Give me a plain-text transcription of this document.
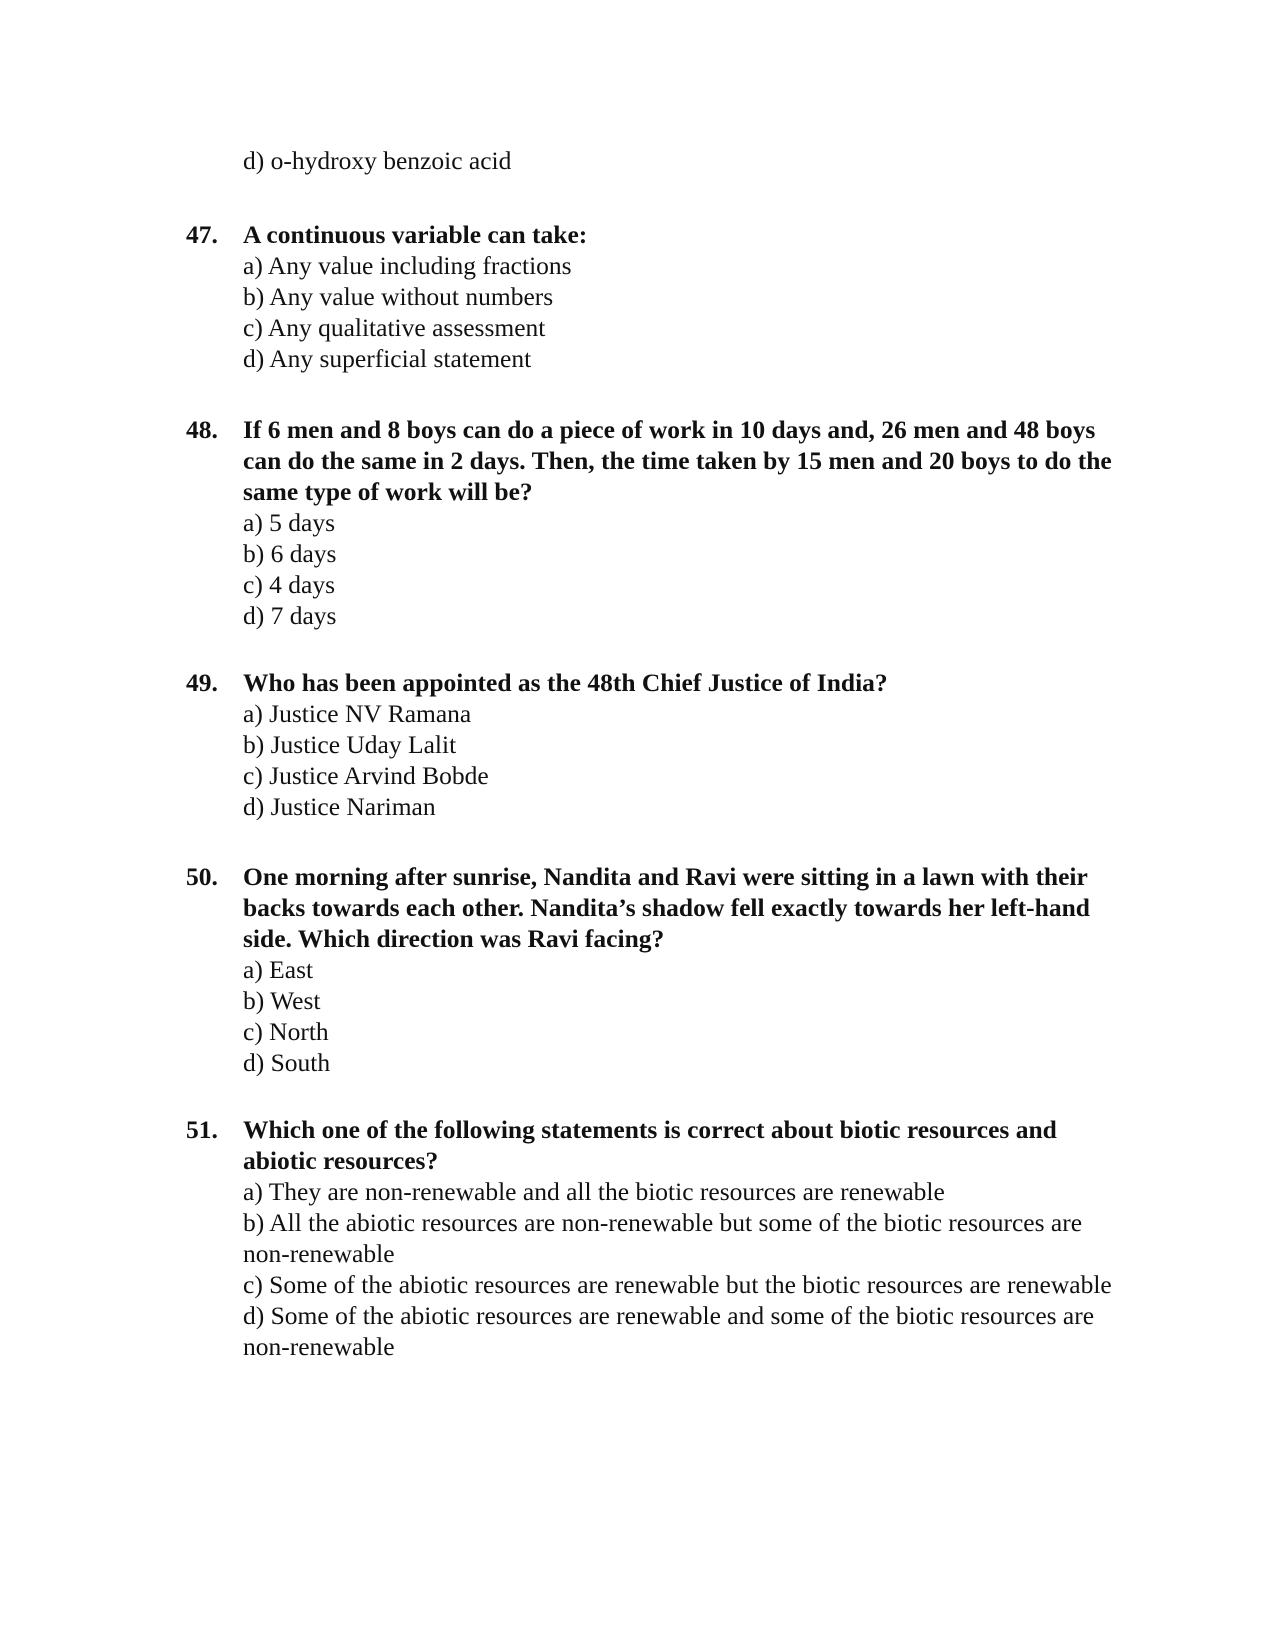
d) o-hydroxy benzoic acid
47. A continuous variable can take:
a) Any value including fractions
b) Any value without numbers
c) Any qualitative assessment
d) Any superficial statement
48. If 6 men and 8 boys can do a piece of work in 10 days and, 26 men and 48 boys can do the same in 2 days. Then, the time taken by 15 men and 20 boys to do the same type of work will be?
a) 5 days
b) 6 days
c) 4 days
d) 7 days
49. Who has been appointed as the 48th Chief Justice of India?
a) Justice NV Ramana
b) Justice Uday Lalit
c) Justice Arvind Bobde
d) Justice Nariman
50. One morning after sunrise, Nandita and Ravi were sitting in a lawn with their backs towards each other. Nandita’s shadow fell exactly towards her left-hand side. Which direction was Ravi facing?
a) East
b) West
c) North
d) South
51. Which one of the following statements is correct about biotic resources and abiotic resources?
a) They are non-renewable and all the biotic resources are renewable
b) All the abiotic resources are non-renewable but some of the biotic resources are non-renewable
c) Some of the abiotic resources are renewable but the biotic resources are renewable
d) Some of the abiotic resources are renewable and some of the biotic resources are non-renewable
